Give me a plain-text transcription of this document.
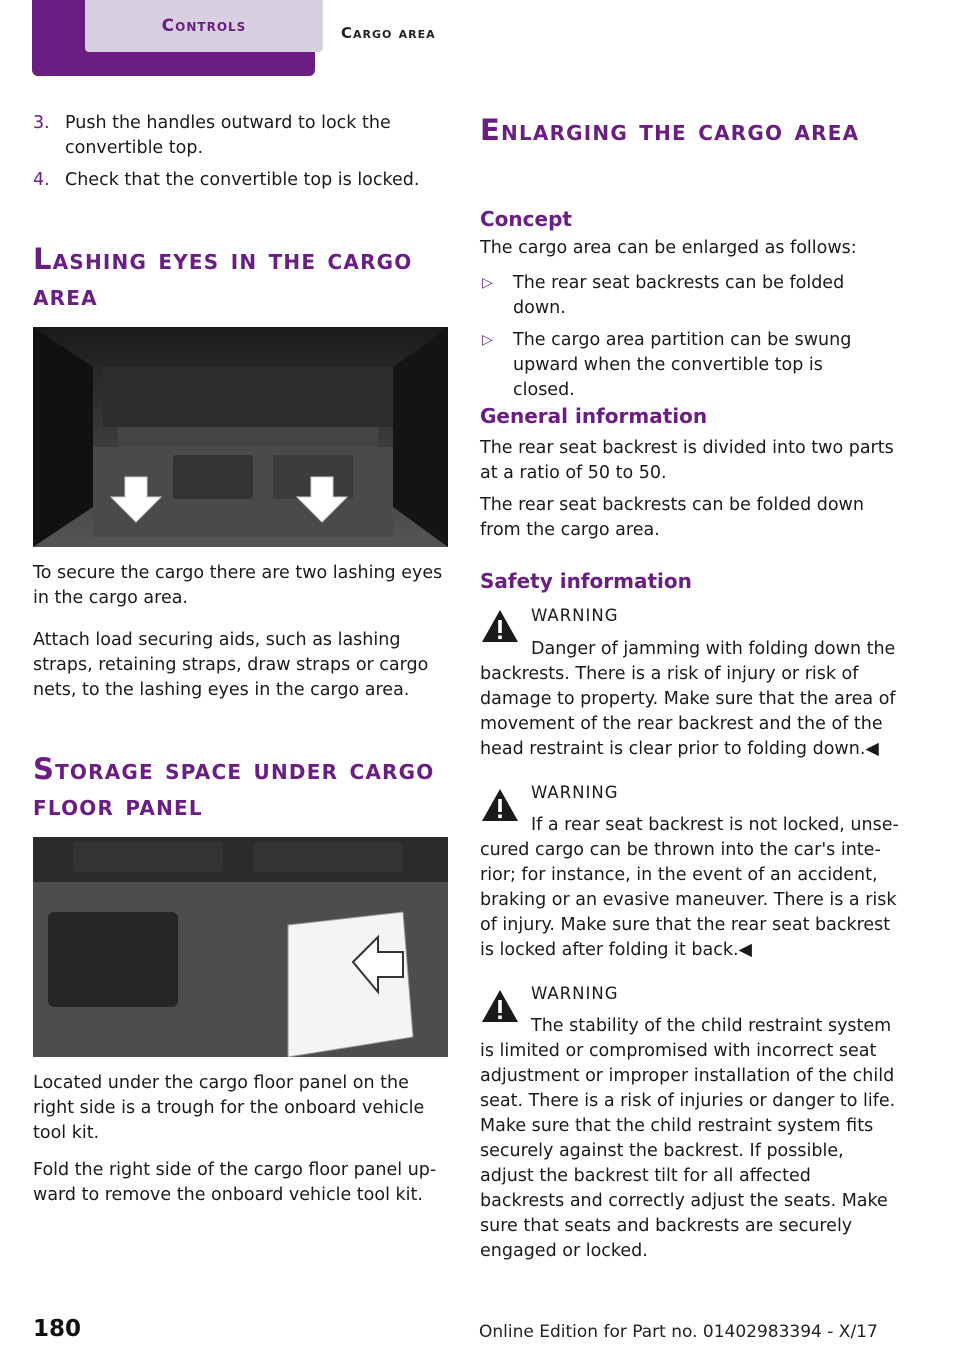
Controls	Cargo area
3. Push the handles outward to lock the convertible top.
4. Check that the convertible top is locked.
Lashing eyes in the cargo area
To secure the cargo there are two lashing eyes in the cargo area.
Attach load securing aids, such as lashing straps, retaining straps, draw straps or cargo nets, to the lashing eyes in the cargo area.
Storage space under cargo floor panel
Located under the cargo floor panel on the right side is a trough for the onboard vehicle tool kit.
Fold the right side of the cargo floor panel upward to remove the onboard vehicle tool kit.
Enlarging the cargo area
Concept
The cargo area can be enlarged as follows:
▷	The rear seat backrests can be folded down.
▷	The cargo area partition can be swung upward when the convertible top is closed.
General information
The rear seat backrest is divided into two parts at a ratio of 50 to 50.
The rear seat backrests can be folded down from the cargo area.
Safety information
WARNING
Danger of jamming with folding down the backrests. There is a risk of injury or risk of damage to property. Make sure that the area of movement of the rear backrest and the of the head restraint is clear prior to folding down.◀
WARNING
If a rear seat backrest is not locked, unsecured cargo can be thrown into the car's interior; for instance, in the event of an accident, braking or an evasive maneuver. There is a risk of injury. Make sure that the rear seat backrest is locked after folding it back.◀
WARNING
The stability of the child restraint system is limited or compromised with incorrect seat adjustment or improper installation of the child seat. There is a risk of injuries or danger to life. Make sure that the child restraint system fits securely against the backrest. If possible, adjust the backrest tilt for all affected backrests and correctly adjust the seats. Make sure that seats and backrests are securely engaged or locked.
180	Online Edition for Part no. 01402983394 - X/17
